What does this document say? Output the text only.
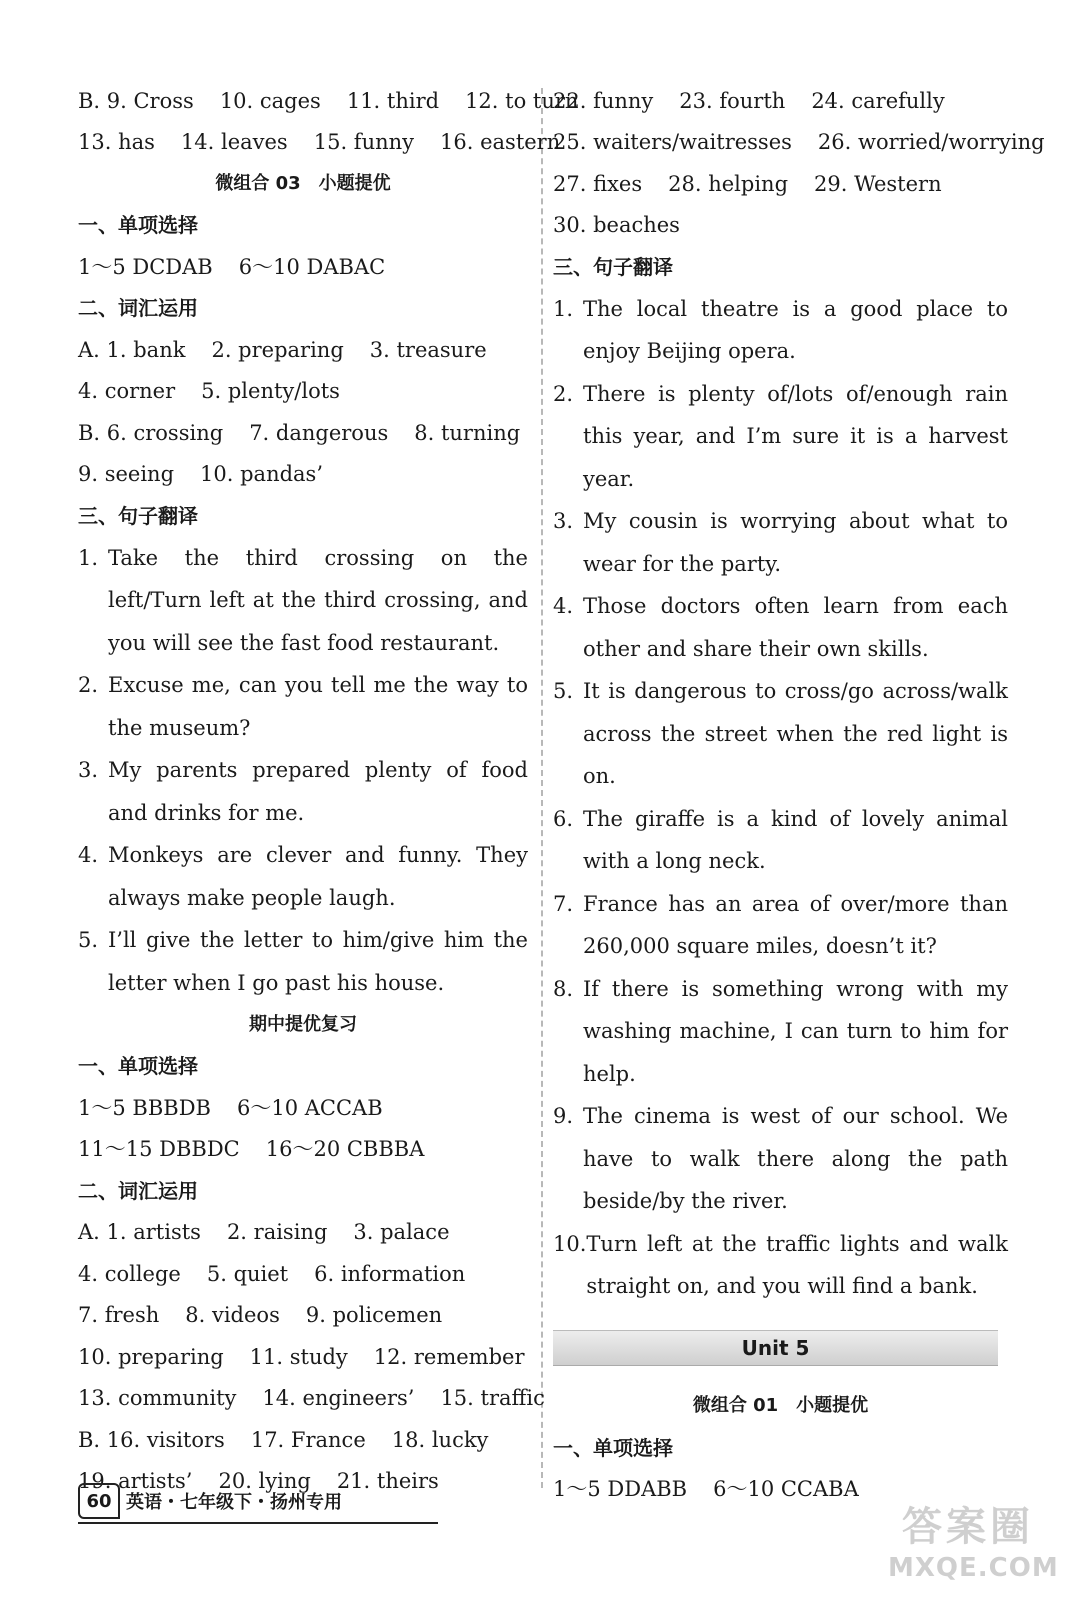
B. 9. Cross 10. cages 11. third 12. to turn
13. has 14. leaves 15. funny 16. eastern
微组合 03　小题提优
一、单项选择
1～5 DCDAB 6～10 DABAC
二、词汇运用
A. 1. bank 2. preparing 3. treasure
4. corner 5. plenty/lots
B. 6. crossing 7. dangerous 8. turning
9. seeing 10. pandas’
三、句子翻译
1. Take the third crossing on the left/Turn left at the third crossing, and you will see the fast food restaurant.
2. Excuse me, can you tell me the way to the museum?
3. My parents prepared plenty of food and drinks for me.
4. Monkeys are clever and funny. They always make people laugh.
5. I’ll give the letter to him/give him the letter when I go past his house.
期中提优复习
一、单项选择
1～5 BBBDB 6～10 ACCAB
11～15 DBBDC 16～20 CBBBA
二、词汇运用
A. 1. artists 2. raising 3. palace
4. college 5. quiet 6. information
7. fresh 8. videos 9. policemen
10. preparing 11. study 12. remember
13. community 14. engineers’ 15. traffic
B. 16. visitors 17. France 18. lucky
19. artists’ 20. lying 21. theirs
22. funny 23. fourth 24. carefully
25. waiters/waitresses 26. worried/worrying
27. fixes 28. helping 29. Western
30. beaches
三、句子翻译
1. The local theatre is a good place to enjoy Beijing opera.
2. There is plenty of/lots of/enough rain this year, and I’m sure it is a harvest year.
3. My cousin is worrying about what to wear for the party.
4. Those doctors often learn from each other and share their own skills.
5. It is dangerous to cross/go across/walk across the street when the red light is on.
6. The giraffe is a kind of lovely animal with a long neck.
7. France has an area of over/more than 260,000 square miles, doesn’t it?
8. If there is something wrong with my washing machine, I can turn to him for help.
9. The cinema is west of our school. We have to walk there along the path beside/by the river.
10. Turn left at the traffic lights and walk straight on, and you will find a bank.
Unit 5
微组合 01　小题提优
一、单项选择
1～5 DDABB 6～10 CCABA
60 英语・七年级下・扬州专用
答案圈
MXQE.COM
